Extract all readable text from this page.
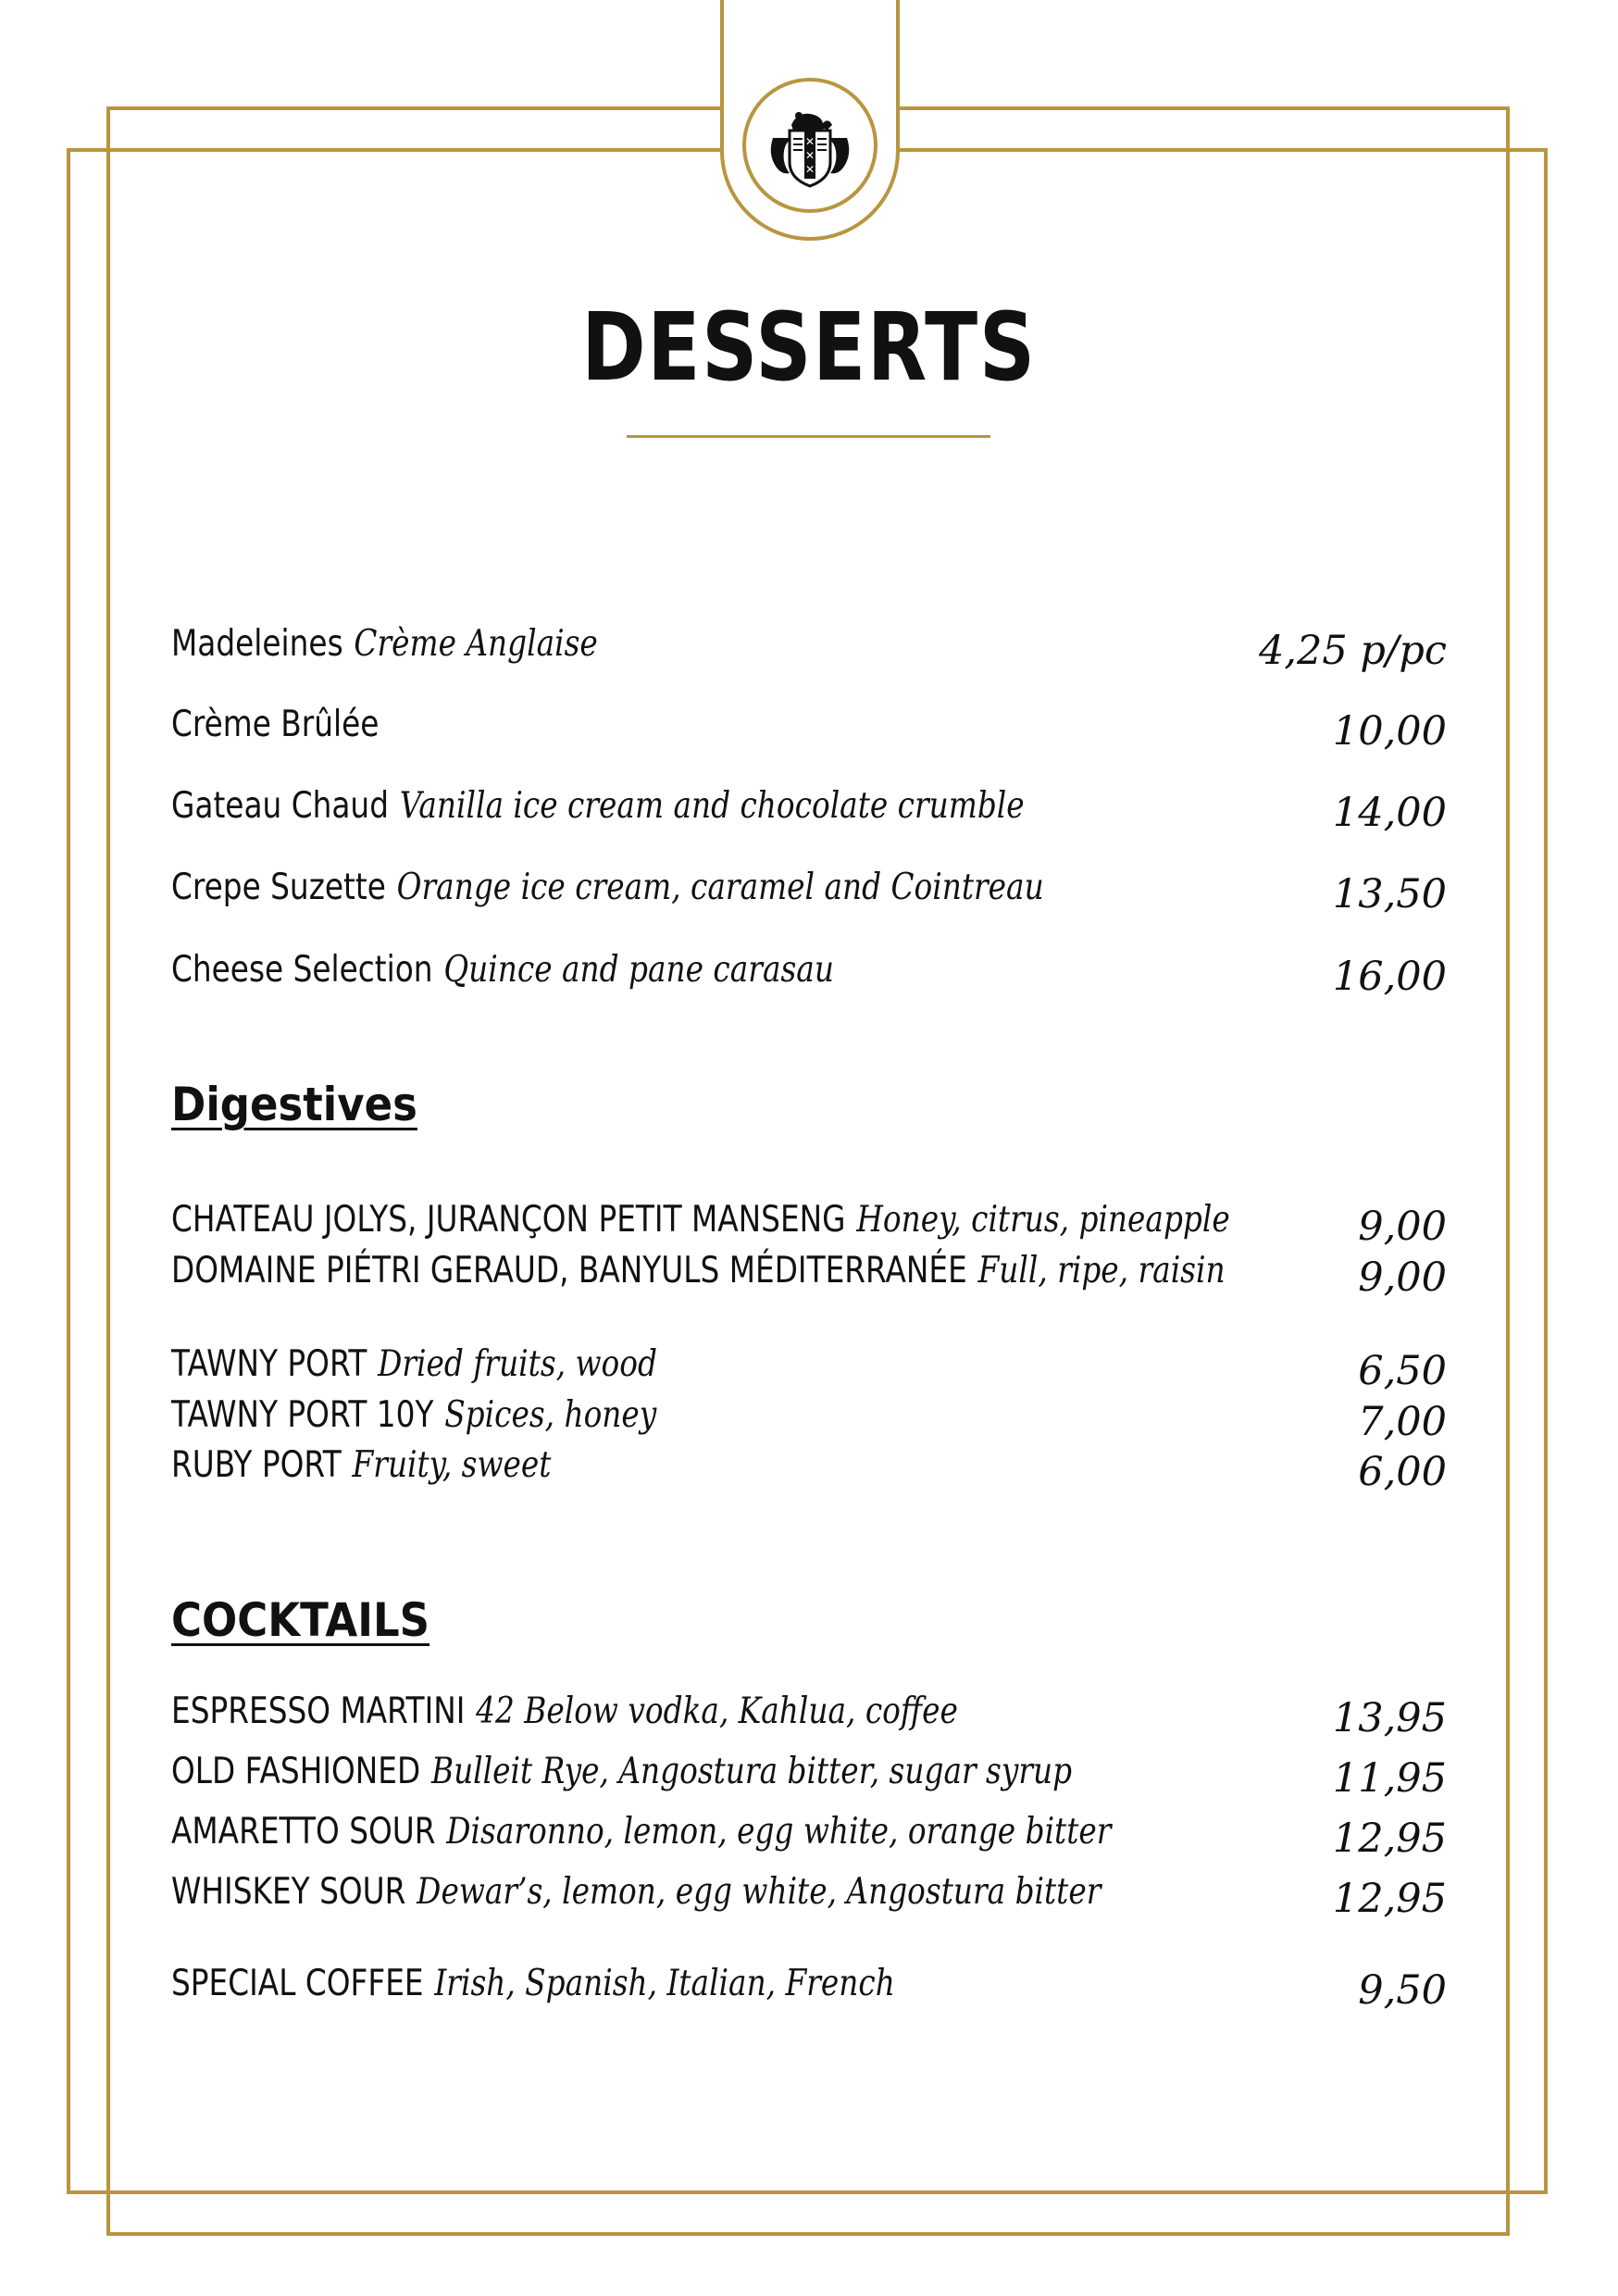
✕
✕
✕
DESSERTS
Madeleines Crème Anglaise	4,25 p/pc
Crème Brûlée	10,00
Gateau Chaud Vanilla ice cream and chocolate crumble	14,00
Crepe Suzette Orange ice cream, caramel and Cointreau	13,50
Cheese Selection Quince and pane carasau	16,00
Digestives
CHATEAU JOLYS, JURANÇON PETIT MANSENG Honey, citrus, pineapple	9,00
DOMAINE PIÉTRI GERAUD, BANYULS MÉDITERRANÉE Full, ripe, raisin	9,00
TAWNY PORT Dried fruits, wood	6,50
TAWNY PORT 10Y Spices, honey	7,00
RUBY PORT Fruity, sweet	6,00
COCKTAILS
ESPRESSO MARTINI 42 Below vodka, Kahlua, coffee	13,95
OLD FASHIONED Bulleit Rye, Angostura bitter, sugar syrup	11,95
AMARETTO SOUR Disaronno, lemon, egg white, orange bitter	12,95
WHISKEY SOUR Dewar’s, lemon, egg white, Angostura bitter	12,95
SPECIAL COFFEE Irish, Spanish, Italian, French	9,50
